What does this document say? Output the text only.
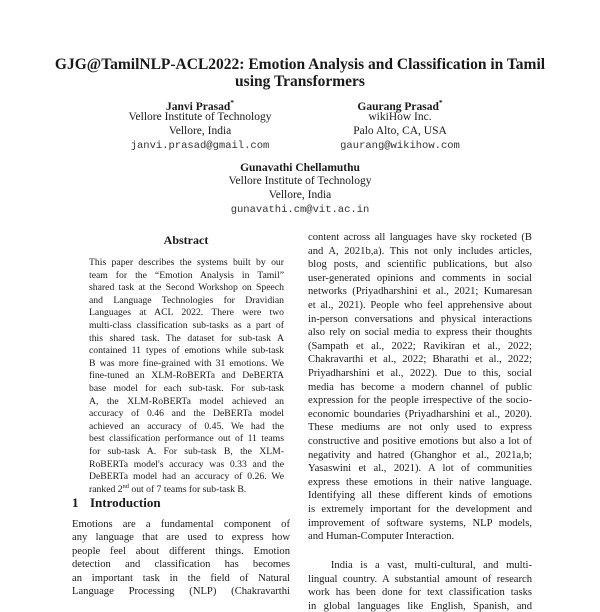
GJG@TamilNLP-ACL2022: Emotion Analysis and Classification in Tamil
using Transformers
Janvi Prasad*
Vellore Institute of Technology
Vellore, India
janvi.prasad@gmail.com
Gaurang Prasad*
wikiHow Inc.
Palo Alto, CA, USA
gaurang@wikihow.com
Gunavathi Chellamuthu
Vellore Institute of Technology
Vellore, India
gunavathi.cm@vit.ac.in
Abstract
This paper describes the systems built by our
team for the “Emotion Analysis in Tamil”
shared task at the Second Workshop on Speech
and Language Technologies for Dravidian
Languages at ACL 2022. There were two
multi-class classification sub-tasks as a part of
this shared task. The dataset for sub-task A
contained 11 types of emotions while sub-task
B was more fine-grained with 31 emotions. We
fine-tuned an XLM-RoBERTa and DeBERTA
base model for each sub-task. For sub-task
A, the XLM-RoBERTa model achieved an
accuracy of 0.46 and the DeBERTa model
achieved an accuracy of 0.45. We had the
best classification performance out of 11 teams
for sub-task A. For sub-task B, the XLM-
RoBERTa model's accuracy was 0.33 and the
DeBERTa model had an accuracy of 0.26. We
ranked 2nd out of 7 teams for sub-task B.
1 Introduction
Emotions are a fundamental component of
any language that are used to express how
people feel about different things. Emotion
detection and classification has becomes
an important task in the field of Natural
Language Processing (NLP) (Chakravarthi
content across all languages have sky rocketed (B
and A, 2021b,a). This not only includes articles,
blog posts, and scientific publications, but also
user-generated opinions and comments in social
networks (Priyadharshini et al., 2021; Kumaresan
et al., 2021). People who feel apprehensive about
in-person conversations and physical interactions
also rely on social media to express their thoughts
(Sampath et al., 2022; Ravikiran et al., 2022;
Chakravarthi et al., 2022; Bharathi et al., 2022;
Priyadharshini et al., 2022). Due to this, social
media has become a modern channel of public
expression for the people irrespective of the socio-
economic boundaries (Priyadharshini et al., 2020).
These mediums are not only used to express
constructive and positive emotions but also a lot of
negativity and hatred (Ghanghor et al., 2021a,b;
Yasaswini et al., 2021). A lot of communities
express these emotions in their native language.
Identifying all these different kinds of emotions
is extremely important for the development and
improvement of software systems, NLP models,
and Human-Computer Interaction.
India is a vast, multi-cultural, and multi-
lingual country. A substantial amount of research
work has been done for text classification tasks
in global languages like English, Spanish, and
